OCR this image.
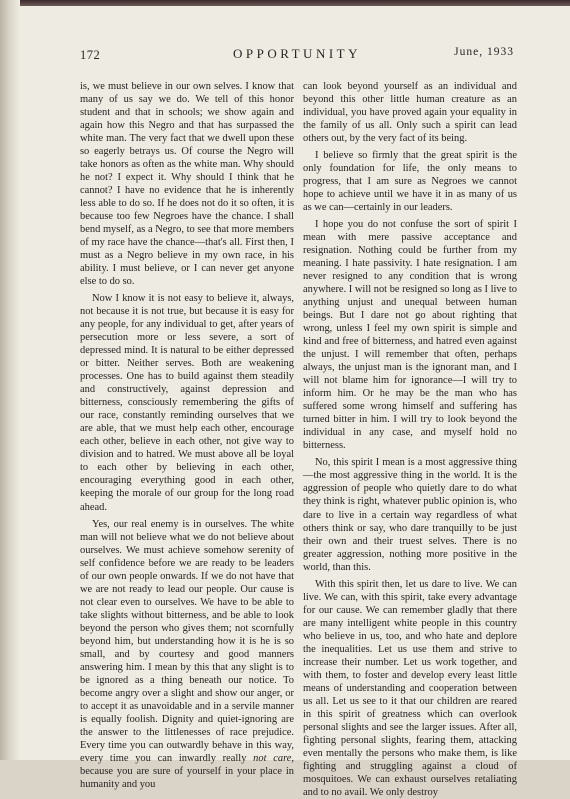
OPPORTUNITY
172	June, 1933

is, we must believe in our own selves. I know that many of us say we do. We tell of this honor student and that in schools; we show again and again how this Negro and that has surpassed the white man. The very fact that we dwell upon these so eagerly betrays us. Of course the Negro will take honors as often as the white man. Why should he not? I expect it. Why should I think that he cannot? I have no evidence that he is inherently less able to do so. If he does not do it so often, it is because too few Negroes have the chance. I shall bend myself, as a Negro, to see that more members of my race have the chance—that's all. First then, I must as a Negro believe in my own race, in his ability. I must believe, or I can never get anyone else to do so.

Now I know it is not easy to believe it, always, not because it is not true, but because it is easy for any people, for any individual to get, after years of persecution more or less severe, a sort of depressed mind. It is natural to be either depressed or bitter. Neither serves. Both are weakening processes. One has to build against them steadily and constructively, against depression and bitterness, consciously remembering the gifts of our race, constantly reminding ourselves that we are able, that we must help each other, encourage each other, believe in each other, not give way to division and to hatred. We must above all be loyal to each other by believing in each other, encouraging everything good in each other, keeping the morale of our group for the long road ahead.

Yes, our real enemy is in ourselves. The white man will not believe what we do not believe about ourselves. We must achieve somehow serenity of self confidence before we are ready to be leaders of our own people onwards. If we do not have that we are not ready to lead our people. Our cause is not clear even to ourselves. We have to be able to take slights without bitterness, and be able to look beyond the person who gives them; not scornfully beyond him, but understanding how it is he is so small, and by courtesy and good manners answering him. I mean by this that any slight is to be ignored as a thing beneath our notice. To become angry over a slight and show our anger, or to accept it as unavoidable and in a servile manner is equally foolish. Dignity and quiet-ignoring are the answer to the littlenesses of race prejudice. Every time you can outwardly behave in this way, every time you can inwardly really not care, because you are sure of yourself in your place in humanity and you

can look beyond yourself as an individual and beyond this other little human creature as an individual, you have proved again your equality in the family of us all. Only such a spirit can lead others out, by the very fact of its being.

I believe so firmly that the great spirit is the only foundation for life, the only means to progress, that I am sure as Negroes we cannot hope to achieve until we have it in as many of us as we can—certainly in our leaders.

I hope you do not confuse the sort of spirit I mean with mere passive acceptance and resignation. Nothing could be further from my meaning. I hate passivity. I hate resignation. I am never resigned to any condition that is wrong anywhere. I will not be resigned so long as I live to anything unjust and unequal between human beings. But I dare not go about righting that wrong, unless I feel my own spirit is simple and kind and free of bitterness, and hatred even against the unjust. I will remember that often, perhaps always, the unjust man is the ignorant man, and I will not blame him for ignorance—I will try to inform him. Or he may be the man who has suffered some wrong himself and suffering has turned bitter in him. I will try to look beyond the individual in any case, and myself hold no bitterness.

No, this spirit I mean is a most aggressive thing—the most aggressive thing in the world. It is the aggression of people who quietly dare to do what they think is right, whatever public opinion is, who dare to live in a certain way regardless of what others think or say, who dare tranquilly to be just their own and their truest selves. There is no greater aggression, nothing more positive in the world, than this.

With this spirit then, let us dare to live. We can live. We can, with this spirit, take every advantage for our cause. We can remember gladly that there are many intelligent white people in this country who believe in us, too, and who hate and deplore the inequalities. Let us use them and strive to increase their number. Let us work together, and with them, to foster and develop every least little means of understanding and cooperation between us all. Let us see to it that our children are reared in this spirit of greatness which can overlook personal slights and see the larger issues. After all, fighting personal slights, fearing them, attacking even mentally the persons who make them, is like fighting and struggling against a cloud of mosquitoes. We can exhaust ourselves retaliating and to no avail. We only destroy
